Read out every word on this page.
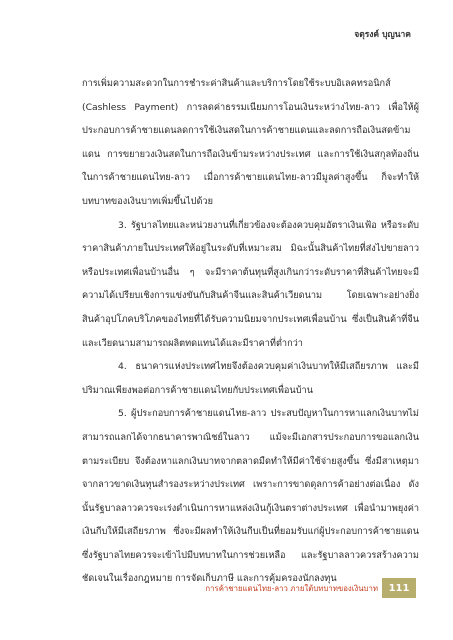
จตุรงค์ บุญนาค

การเพิ่มความสะดวกในการชำระค่าสินค้าและบริการโดยใช้ระบบอิเลคทรอนิกส์ (Cashless Payment) การลดค่าธรรมเนียมการโอนเงินระหว่างไทย-ลาว เพื่อให้ผู้ประกอบการค้าชายแดนลดการใช้เงินสดในการค้าชายแดนและลดการถือเงินสดข้ามแดน การขยายวงเงินสดในการถือเงินข้ามระหว่างประเทศ และการใช้เงินสกุลท้องถิ่นในการค้าชายแดนไทย-ลาว เมื่อการค้าชายแดนไทย-ลาวมีมูลค่าสูงขึ้น ก็จะทำให้บทบาทของเงินบาทเพิ่มขึ้นไปด้วย

3. รัฐบาลไทยและหน่วยงานที่เกี่ยวข้องจะต้องควบคุมอัตราเงินเฟ้อ หรือระดับราคาสินค้าภายในประเทศให้อยู่ในระดับที่เหมาะสม มิฉะนั้นสินค้าไทยที่ส่งไปขายลาวหรือประเทศเพื่อนบ้านอื่น ๆ จะมีราคาต้นทุนที่สูงเกินกว่าระดับราคาที่สินค้าไทยจะมีความได้เปรียบเชิงการแข่งขันกับสินค้าจีนและสินค้าเวียดนาม โดยเฉพาะอย่างยิ่งสินค้าอุปโภคบริโภคของไทยที่ได้รับความนิยมจากประเทศเพื่อนบ้าน ซึ่งเป็นสินค้าที่จีนและเวียดนามสามารถผลิตทดแทนได้และมีราคาที่ต่ำกว่า

4. ธนาคารแห่งประเทศไทยจึงต้องควบคุมค่าเงินบาทให้มีเสถียรภาพ และมีปริมาณเพียงพอต่อการค้าชายแดนไทยกับประเทศเพื่อนบ้าน

5. ผู้ประกอบการค้าชายแดนไทย-ลาว ประสบปัญหาในการหาแลกเงินบาทไม่สามารถแลกได้จากธนาคารพาณิชย์ในลาว แม้จะมีเอกสารประกอบการขอแลกเงินตามระเบียบ จึงต้องหาแลกเงินบาทจากตลาดมืดทำให้มีค่าใช้จ่ายสูงขึ้น ซึ่งมีสาเหตุมาจากลาวขาดเงินทุนสำรองระหว่างประเทศ เพราะการขาดดุลการค้าอย่างต่อเนื่อง ดังนั้นรัฐบาลลาวควรจะเร่งดำเนินการหาแหล่งเงินกู้เงินตราต่างประเทศ เพื่อนำมาพยุงค่าเงินกีบให้มีเสถียรภาพ ซึ่งจะมีผลทำให้เงินกีบเป็นที่ยอมรับแก่ผู้ประกอบการค้าชายแดน ซึ่งรัฐบาลไทยควรจะเข้าไปมีบทบาทในการช่วยเหลือ และรัฐบาลลาวควรสร้างความชัดเจนในเรื่องกฎหมาย การจัดเก็บภาษี และการคุ้มครองนักลงทุน

การค้าชายแดนไทย-ลาว ภายใต้บทบาทของเงินบาท 111
